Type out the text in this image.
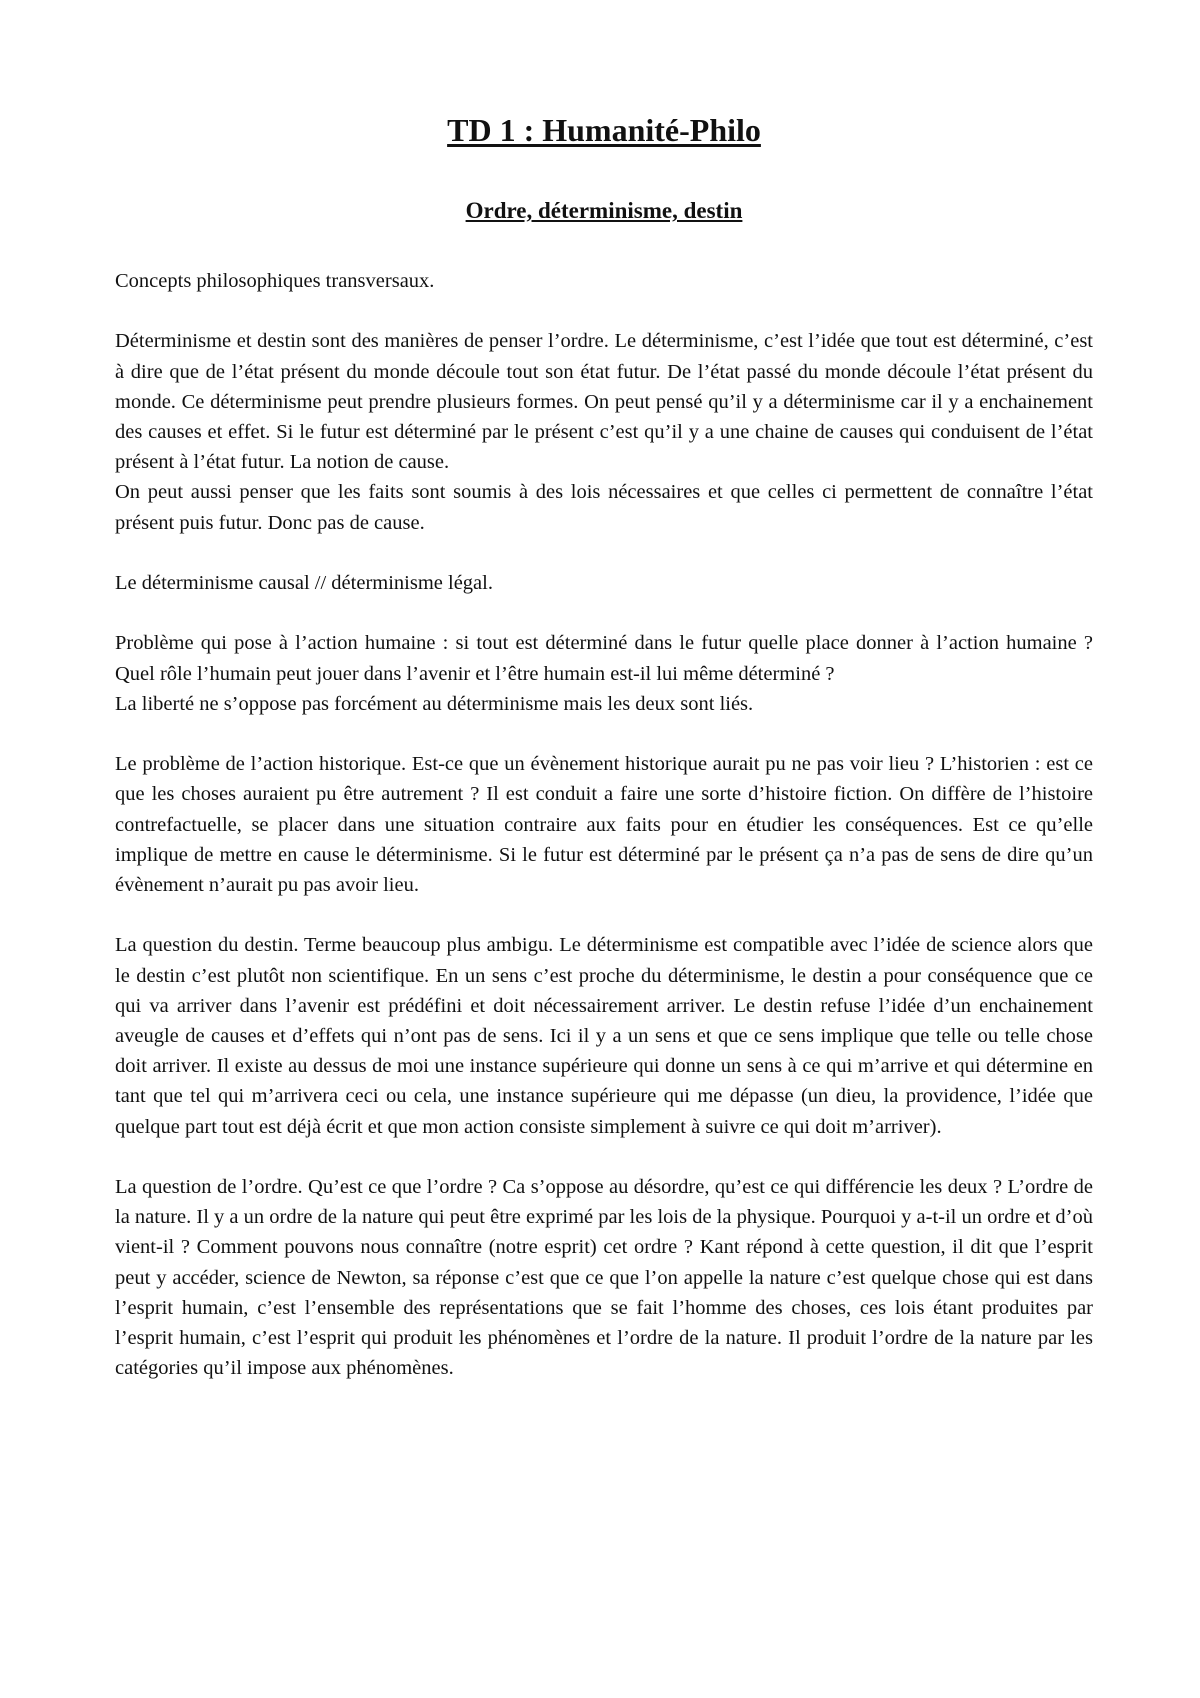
TD 1 : Humanité-Philo
Ordre, déterminisme, destin

Concepts philosophiques transversaux.

Déterminisme et destin sont des manières de penser l’ordre. Le déterminisme, c’est l’idée que tout est déterminé, c’est à dire que de l’état présent du monde découle tout son état futur. De l’état passé du monde découle l’état présent du monde. Ce déterminisme peut prendre plusieurs formes. On peut pensé qu’il y a déterminisme car il y a enchainement des causes et effet. Si le futur est déterminé par le présent c’est qu’il y a une chaine de causes qui conduisent de l’état présent à l’état futur. La notion de cause.

On peut aussi penser que les faits sont soumis à des lois nécessaires et que celles ci permettent de connaître l’état présent puis futur. Donc pas de cause.

Le déterminisme causal // déterminisme légal.

Problème qui pose à l’action humaine : si tout est déterminé dans le futur quelle place donner à l’action humaine ? Quel rôle l’humain peut jouer dans l’avenir et l’être humain est-il lui même déterminé ?

La liberté ne s’oppose pas forcément au déterminisme mais les deux sont liés.

Le problème de l’action historique. Est-ce que un évènement historique aurait pu ne pas voir lieu ? L’historien : est ce que les choses auraient pu être autrement ? Il est conduit a faire une sorte d’histoire fiction. On diffère de l’histoire contrefactuelle, se placer dans une situation contraire aux faits pour en étudier les conséquences. Est ce qu’elle implique de mettre en cause le déterminisme. Si le futur est déterminé par le présent ça n’a pas de sens de dire qu’un évènement n’aurait pu pas avoir lieu.

La question du destin. Terme beaucoup plus ambigu. Le déterminisme est compatible avec l’idée de science alors que le destin c’est plutôt non scientifique. En un sens c’est proche du déterminisme, le destin a pour conséquence que ce qui va arriver dans l’avenir est prédéfini et doit nécessairement arriver. Le destin refuse l’idée d’un enchainement aveugle de causes et d’effets qui n’ont pas de sens. Ici il y a un sens et que ce sens implique que telle ou telle chose doit arriver. Il existe au dessus de moi une instance supérieure qui donne un sens à ce qui m’arrive et qui détermine en tant que tel qui m’arrivera ceci ou cela, une instance supérieure qui me dépasse (un dieu, la providence, l’idée que quelque part tout est déjà écrit et que mon action consiste simplement à suivre ce qui doit m’arriver).

La question de l’ordre. Qu’est ce que l’ordre ? Ca s’oppose au désordre, qu’est ce qui différencie les deux ? L’ordre de la nature. Il y a un ordre de la nature qui peut être exprimé par les lois de la physique. Pourquoi y a-t-il un ordre et d’où vient-il ? Comment pouvons nous connaître (notre esprit) cet ordre ? Kant répond à cette question, il dit que l’esprit peut y accéder, science de Newton, sa réponse c’est que ce que l’on appelle la nature c’est quelque chose qui est dans l’esprit humain, c’est l’ensemble des représentations que se fait l’homme des choses, ces lois étant produites par l’esprit humain, c’est l’esprit qui produit les phénomènes et l’ordre de la nature. Il produit l’ordre de la nature par les catégories qu’il impose aux phénomènes.
